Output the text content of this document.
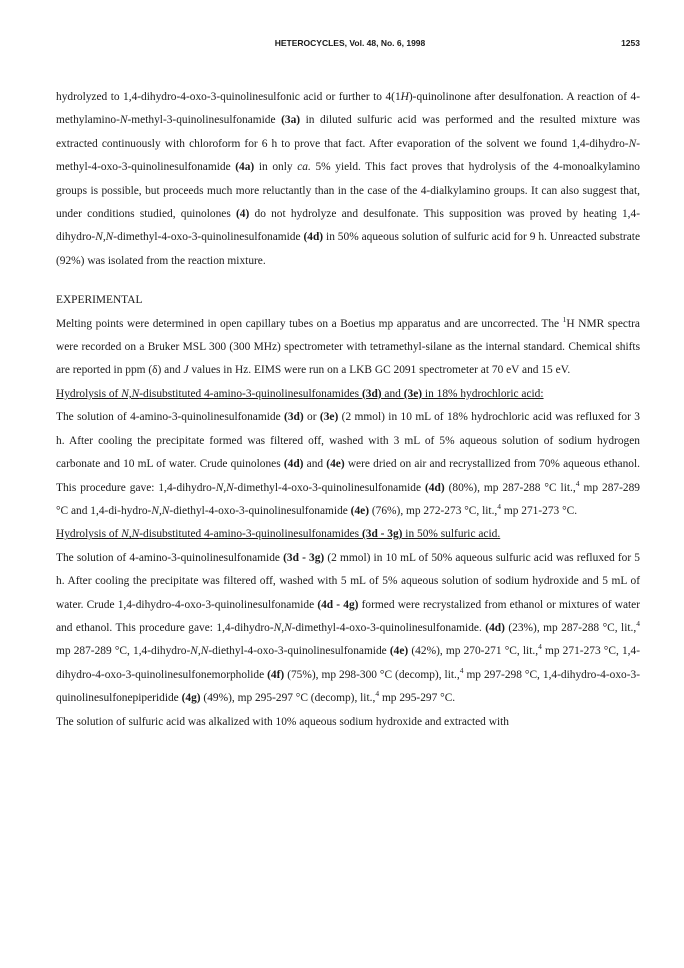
HETEROCYCLES, Vol. 48, No. 6, 1998	1253

hydrolyzed to 1,4-dihydro-4-oxo-3-quinolinesulfonic acid or further to 4(1H)-quinolinone after desulfonation. A reaction of 4-methylamino-N-methyl-3-quinolinesulfonamide (3a) in diluted sulfuric acid was performed and the resulted mixture was extracted continuously with chloroform for 6 h to prove that fact. After evaporation of the solvent we found 1,4-dihydro-N-methyl-4-oxo-3-quinolinesulfonamide (4a) in only ca. 5% yield. This fact proves that hydrolysis of the 4-monoalkylamino groups is possible, but proceeds much more reluctantly than in the case of the 4-dialkylamino groups. It can also suggest that, under conditions studied, quinolones (4) do not hydrolyze and desulfonate. This supposition was proved by heating 1,4-dihydro-N,N-dimethyl-4-oxo-3-quinolinesulfonamide (4d) in 50% aqueous solution of sulfuric acid for 9 h. Unreacted substrate (92%) was isolated from the reaction mixture.

EXPERIMENTAL

Melting points were determined in open capillary tubes on a Boetius mp apparatus and are uncorrected. The $^1$H NMR spectra were recorded on a Bruker MSL 300 (300 MHz) spectrometer with tetramethyl-silane as the internal standard. Chemical shifts are reported in ppm (δ) and J values in Hz. EIMS were run on a LKB GC 2091 spectrometer at 70 eV and 15 eV.

Hydrolysis of N,N-disubstituted 4-amino-3-quinolinesulfonamides (3d) and (3e) in 18% hydrochloric acid:

The solution of 4-amino-3-quinolinesulfonamide (3d) or (3e) (2 mmol) in 10 mL of 18% hydrochloric acid was refluxed for 3 h. After cooling the precipitate formed was filtered off, washed with 3 mL of 5% aqueous solution of sodium hydrogen carbonate and 10 mL of water. Crude quinolones (4d) and (4e) were dried on air and recrystallized from 70% aqueous ethanol. This procedure gave: 1,4-dihydro-N,N-dimethyl-4-oxo-3-quinolinesulfonamide (4d) (80%), mp 287-288 °C lit.,$^4$ mp 287-289 °C and 1,4-di-hydro-N,N-diethyl-4-oxo-3-quinolinesulfonamide (4e) (76%), mp 272-273 °C, lit.,$^4$ mp 271-273 °C.

Hydrolysis of N,N-disubstituted 4-amino-3-quinolinesulfonamides (3d - 3g) in 50% sulfuric acid.

The solution of 4-amino-3-quinolinesulfonamide (3d - 3g) (2 mmol) in 10 mL of 50% aqueous sulfuric acid was refluxed for 5 h. After cooling the precipitate was filtered off, washed with 5 mL of 5% aqueous solution of sodium hydroxide and 5 mL of water. Crude 1,4-dihydro-4-oxo-3-quinolinesulfonamide (4d - 4g) formed were recrystalized from ethanol or mixtures of water and ethanol. This procedure gave: 1,4-dihydro-N,N-dimethyl-4-oxo-3-quinolinesulfonamide. (4d) (23%), mp 287-288 °C, lit.,$^4$ mp 287-289 °C, 1,4-dihydro-N,N-diethyl-4-oxo-3-quinolinesulfonamide (4e) (42%), mp 270-271 °C, lit.,$^4$ mp 271-273 °C, 1,4-dihydro-4-oxo-3-quinolinesulfonemorpholide (4f) (75%), mp 298-300 °C (decomp), lit.,$^4$ mp 297-298 °C, 1,4-dihydro-4-oxo-3-quinolinesulfonepiperidide (4g) (49%), mp 295-297 °C (decomp), lit.,$^4$ mp 295-297 °C.

The solution of sulfuric acid was alkalized with 10% aqueous sodium hydroxide and extracted with
